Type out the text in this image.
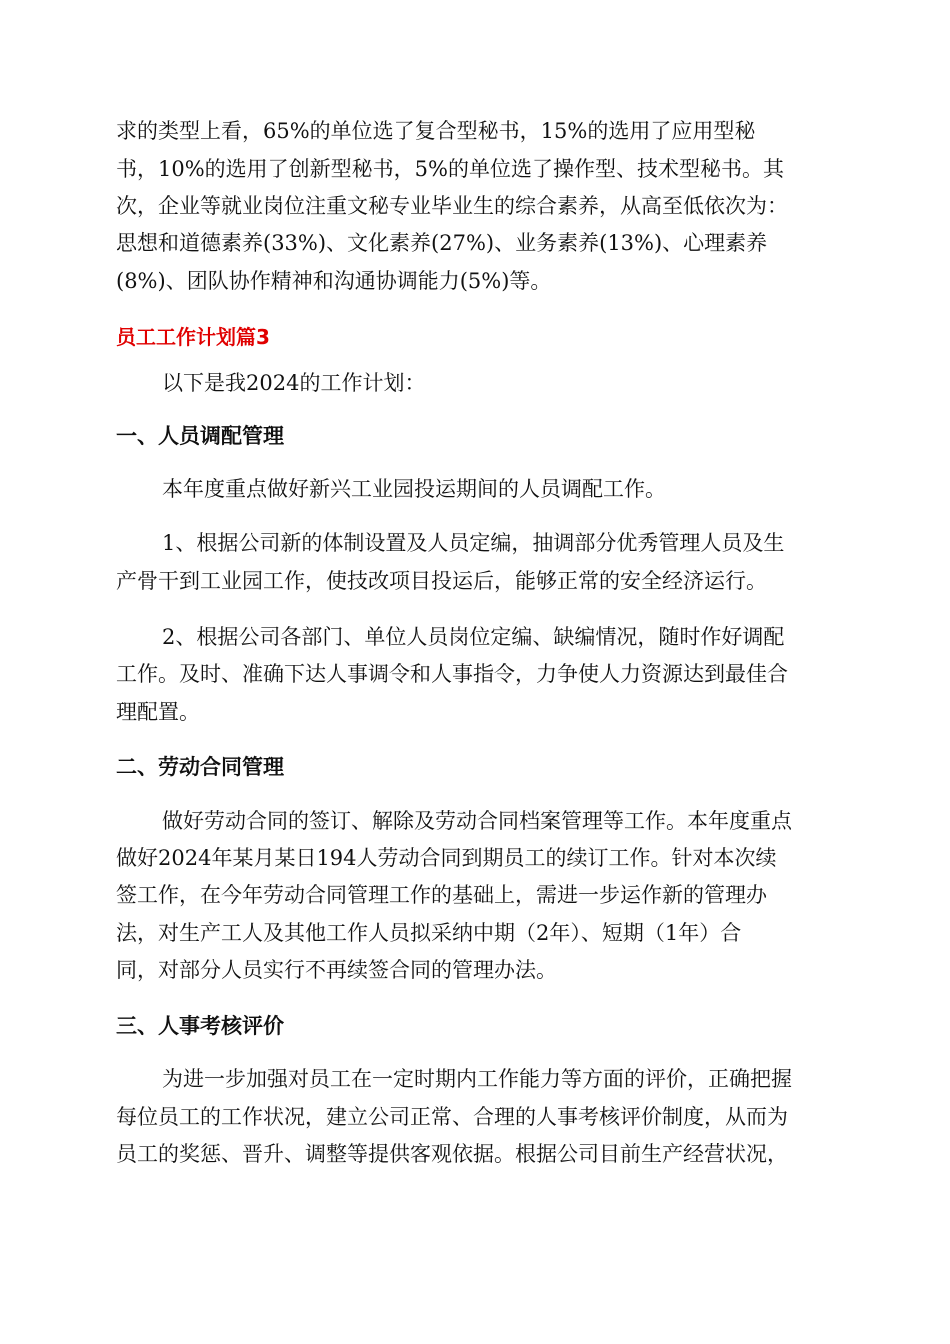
求的类型上看，65%的单位选了复合型秘书，15%的选用了应用型秘
书，10%的选用了创新型秘书，5%的单位选了操作型、技术型秘书。其
次，企业等就业岗位注重文秘专业毕业生的综合素养，从高至低依次为：
思想和道德素养(33%)、文化素养(27%)、业务素养(13%)、心理素养
(8%)、团队协作精神和沟通协调能力(5%)等。
员工工作计划篇3
以下是我2024的工作计划：
一、人员调配管理
本年度重点做好新兴工业园投运期间的人员调配工作。
1、根据公司新的体制设置及人员定编，抽调部分优秀管理人员及生
产骨干到工业园工作，使技改项目投运后，能够正常的安全经济运行。
2、根据公司各部门、单位人员岗位定编、缺编情况，随时作好调配
工作。及时、准确下达人事调令和人事指令，力争使人力资源达到最佳合
理配置。
二、劳动合同管理
做好劳动合同的签订、解除及劳动合同档案管理等工作。本年度重点
做好2024年某月某日194人劳动合同到期员工的续订工作。针对本次续
签工作，在今年劳动合同管理工作的基础上，需进一步运作新的管理办
法，对生产工人及其他工作人员拟采纳中期（2年）、短期（1年）合
同，对部分人员实行不再续签合同的管理办法。
三、人事考核评价
为进一步加强对员工在一定时期内工作能力等方面的评价，正确把握
每位员工的工作状况，建立公司正常、合理的人事考核评价制度，从而为
员工的奖惩、晋升、调整等提供客观依据。根据公司目前生产经营状况，
